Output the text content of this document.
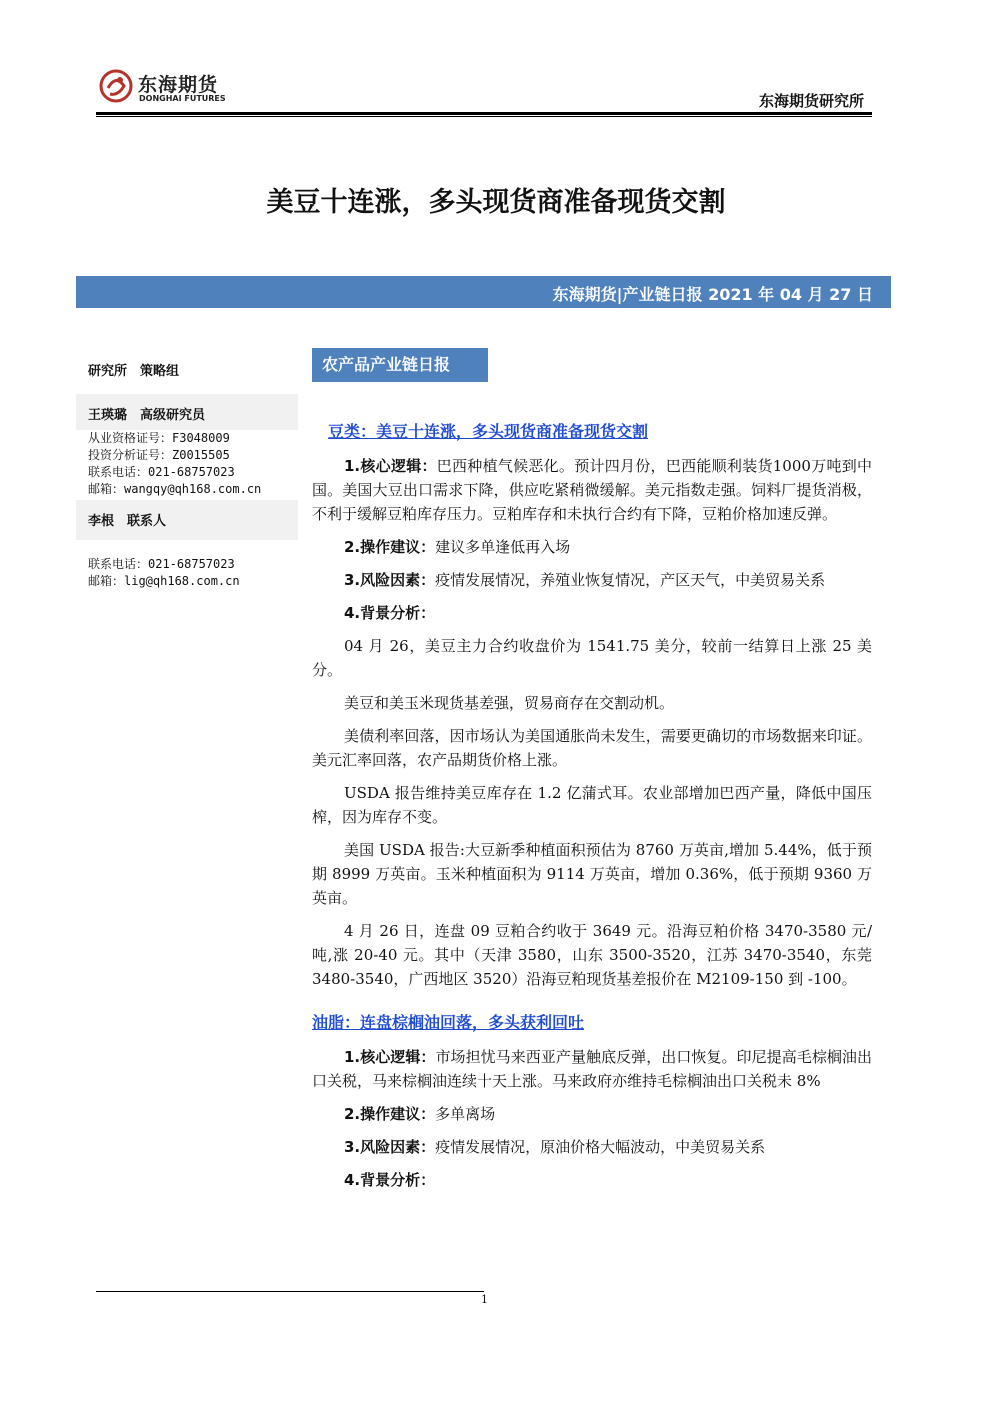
东海期货
DONGHAI FUTURES	东海期货研究所
美豆十连涨，多头现货商准备现货交割
东海期货|产业链日报 2021 年 04 月 27 日
研究所　策略组
王瑛璐　高级研究员
从业资格证号：F3048009
投资分析证号：Z0015505
联系电话：021-68757023
邮箱：wangqy@qh168.com.cn
李根　联系人
联系电话：021-68757023
邮箱：lig@qh168.com.cn
农产品产业链日报
豆类：美豆十连涨，多头现货商准备现货交割

1.核心逻辑：巴西种植气候恶化。预计四月份，巴西能顺利装货1000万吨到中国。美国大豆出口需求下降，供应吃紧稍微缓解。美元指数走强。饲料厂提货消极，不利于缓解豆粕库存压力。豆粕库存和未执行合约有下降，豆粕价格加速反弹。

2.操作建议：建议多单逢低再入场

3.风险因素：疫情发展情况，养殖业恢复情况，产区天气，中美贸易关系

4.背景分析：

04 月 26，美豆主力合约收盘价为 1541.75 美分，较前一结算日上涨 25 美分。

美豆和美玉米现货基差强，贸易商存在交割动机。

美债利率回落，因市场认为美国通胀尚未发生，需要更确切的市场数据来印证。美元汇率回落，农产品期货价格上涨。

USDA 报告维持美豆库存在 1.2 亿蒲式耳。农业部增加巴西产量，降低中国压榨，因为库存不变。

美国 USDA 报告:大豆新季种植面积预估为 8760 万英亩,增加 5.44%，低于预期 8999 万英亩。玉米种植面积为 9114 万英亩，增加 0.36%，低于预期 9360 万英亩。

4 月 26 日，连盘 09 豆粕合约收于 3649 元。沿海豆粕价格 3470-3580 元/吨,涨 20-40 元。其中（天津 3580，山东 3500-3520，江苏 3470-3540，东莞 3480-3540，广西地区 3520）沿海豆粕现货基差报价在 M2109-150 到 -100。

油脂：连盘棕榈油回落，多头获利回吐

1.核心逻辑：市场担忧马来西亚产量触底反弹，出口恢复。印尼提高毛棕榈油出口关税，马来棕榈油连续十天上涨。马来政府亦维持毛棕榈油出口关税未 8%

2.操作建议：多单离场

3.风险因素：疫情发展情况，原油价格大幅波动，中美贸易关系

4.背景分析：

1
